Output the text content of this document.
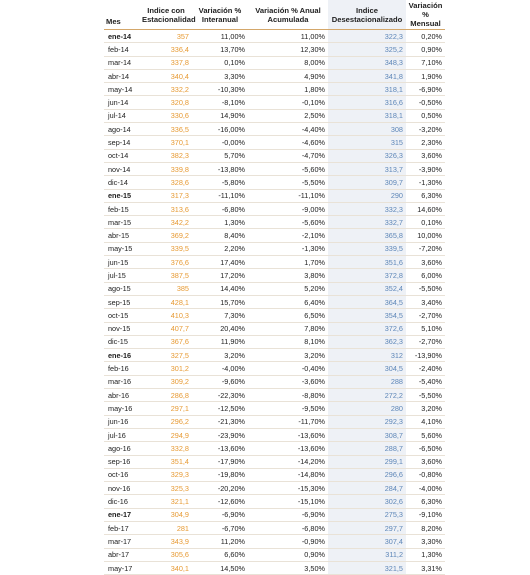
Mes	Indice con Estacionalidad	Variación % Interanual	Variación % Anual Acumulada	Indice Desestacionalizado	Variación % Mensual
ene-14	357	11,00%	11,00%	322,3	0,20%
feb-14	336,4	13,70%	12,30%	325,2	0,90%
mar-14	337,8	0,10%	8,00%	348,3	7,10%
abr-14	340,4	3,30%	4,90%	341,8	1,90%
may-14	332,2	-10,30%	1,80%	318,1	-6,90%
jun-14	320,8	-8,10%	-0,10%	316,6	-0,50%
jul-14	330,6	14,90%	2,50%	318,1	0,50%
ago-14	336,5	-16,00%	-4,40%	308	-3,20%
sep-14	370,1	-0,00%	-4,60%	315	2,30%
oct-14	382,3	5,70%	-4,70%	326,3	3,60%
nov-14	339,8	-13,80%	-5,60%	313,7	-3,90%
dic-14	328,6	-5,80%	-5,50%	309,7	-1,30%
ene-15	317,3	-11,10%	-11,10%	290	6,30%
feb-15	313,6	-6,80%	-9,00%	332,3	14,60%
mar-15	342,2	1,30%	-5,60%	332,7	0,10%
abr-15	369,2	8,40%	-2,10%	365,8	10,00%
may-15	339,5	2,20%	-1,30%	339,5	-7,20%
jun-15	376,6	17,40%	1,70%	351,6	3,60%
jul-15	387,5	17,20%	3,80%	372,8	6,00%
ago-15	385	14,40%	5,20%	352,4	-5,50%
sep-15	428,1	15,70%	6,40%	364,5	3,40%
oct-15	410,3	7,30%	6,50%	354,5	-2,70%
nov-15	407,7	20,40%	7,80%	372,6	5,10%
dic-15	367,6	11,90%	8,10%	362,3	-2,70%
ene-16	327,5	3,20%	3,20%	312	-13,90%
feb-16	301,2	-4,00%	-0,40%	304,5	-2,40%
mar-16	309,2	-9,60%	-3,60%	288	-5,40%
abr-16	286,8	-22,30%	-8,80%	272,2	-5,50%
may-16	297,1	-12,50%	-9,50%	280	3,20%
jun-16	296,2	-21,30%	-11,70%	292,3	4,10%
jul-16	294,9	-23,90%	-13,60%	308,7	5,60%
ago-16	332,8	-13,60%	-13,60%	288,7	-6,50%
sep-16	351,4	-17,90%	-14,20%	299,1	3,60%
oct-16	329,3	-19,80%	-14,80%	296,6	-0,80%
nov-16	325,3	-20,20%	-15,30%	284,7	-4,00%
dic-16	321,1	-12,60%	-15,10%	302,6	6,30%
ene-17	304,9	-6,90%	-6,90%	275,3	-9,10%
feb-17	281	-6,70%	-6,80%	297,7	8,20%
mar-17	343,9	11,20%	-0,90%	307,4	3,30%
abr-17	305,6	6,60%	0,90%	311,2	1,30%
may-17	340,1	14,50%	3,50%	321,5	3,31%
